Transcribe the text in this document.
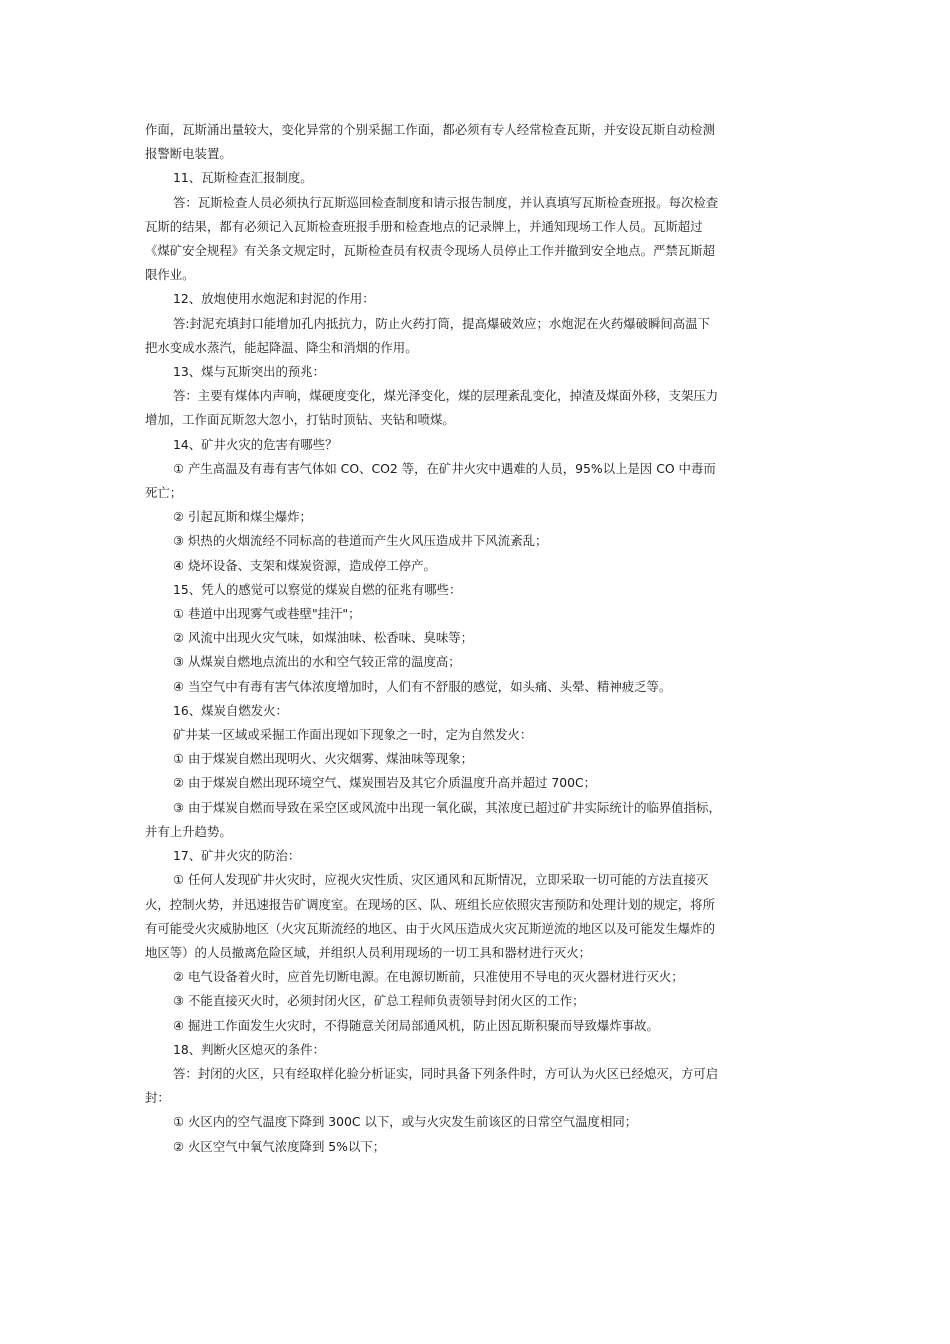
作面，瓦斯涌出量较大，变化异常的个别采掘工作面，都必须有专人经常检查瓦斯，并安设瓦斯自动检测
报警断电装置。
11、瓦斯检查汇报制度。
答：瓦斯检查人员必须执行瓦斯巡回检查制度和请示报告制度，并认真填写瓦斯检查班报。每次检查
瓦斯的结果，都有必须记入瓦斯检查班报手册和检查地点的记录牌上，并通知现场工作人员。瓦斯超过
《煤矿安全规程》有关条文规定时，瓦斯检查员有权责令现场人员停止工作并撤到安全地点。严禁瓦斯超
限作业。
12、放炮使用水炮泥和封泥的作用：
答:封泥充填封口能增加孔内抵抗力，防止火药打筒，提高爆破效应；水炮泥在火药爆破瞬间高温下
把水变成水蒸汽，能起降温、降尘和消烟的作用。
13、煤与瓦斯突出的预兆：
答：主要有煤体内声响，煤硬度变化，煤光泽变化，煤的层理紊乱变化，掉渣及煤面外移，支架压力
增加，工作面瓦斯忽大忽小，打钻时顶钻、夹钻和喷煤。
14、矿井火灾的危害有哪些？
① 产生高温及有毒有害气体如 CO、CO2 等，在矿井火灾中遇难的人员，95%以上是因 CO 中毒而
死亡；
② 引起瓦斯和煤尘爆炸；
③ 炽热的火烟流经不同标高的巷道而产生火风压造成井下风流紊乱；
④ 烧坏设备、支架和煤炭资源，造成停工停产。
15、凭人的感觉可以察觉的煤炭自燃的征兆有哪些：
① 巷道中出现雾气或巷壁"挂汗"；
② 风流中出现火灾气味，如煤油味、松香味、臭味等；
③ 从煤炭自燃地点流出的水和空气较正常的温度高；
④ 当空气中有毒有害气体浓度增加时，人们有不舒服的感觉，如头痛、头晕、精神疲乏等。
16、煤炭自燃发火：
矿井某一区域或采掘工作面出现如下现象之一时，定为自然发火：
① 由于煤炭自燃出现明火、火灾烟雾、煤油味等现象；
② 由于煤炭自燃出现环境空气、煤炭围岩及其它介质温度升高并超过 700C；
③ 由于煤炭自燃而导致在采空区或风流中出现一氧化碳，其浓度已超过矿井实际统计的临界值指标，
并有上升趋势。
17、矿井火灾的防治：
① 任何人发现矿井火灾时，应视火灾性质、灾区通风和瓦斯情况，立即采取一切可能的方法直接灭
火，控制火势，并迅速报告矿调度室。在现场的区、队、班组长应依照灾害预防和处理计划的规定，将所
有可能受火灾威胁地区（火灾瓦斯流经的地区、由于火风压造成火灾瓦斯逆流的地区以及可能发生爆炸的
地区等）的人员撤离危险区域，并组织人员利用现场的一切工具和器材进行灭火；
② 电气设备着火时，应首先切断电源。在电源切断前，只准使用不导电的灭火器材进行灭火；
③ 不能直接灭火时，必须封闭火区，矿总工程师负责领导封闭火区的工作；
④ 掘进工作面发生火灾时，不得随意关闭局部通风机，防止因瓦斯积聚而导致爆炸事故。
18、判断火区熄灭的条件：
答：封闭的火区，只有经取样化验分析证实，同时具备下列条件时，方可认为火区已经熄灭，方可启
封：
① 火区内的空气温度下降到 300C 以下，或与火灾发生前该区的日常空气温度相同；
② 火区空气中氧气浓度降到 5%以下；
